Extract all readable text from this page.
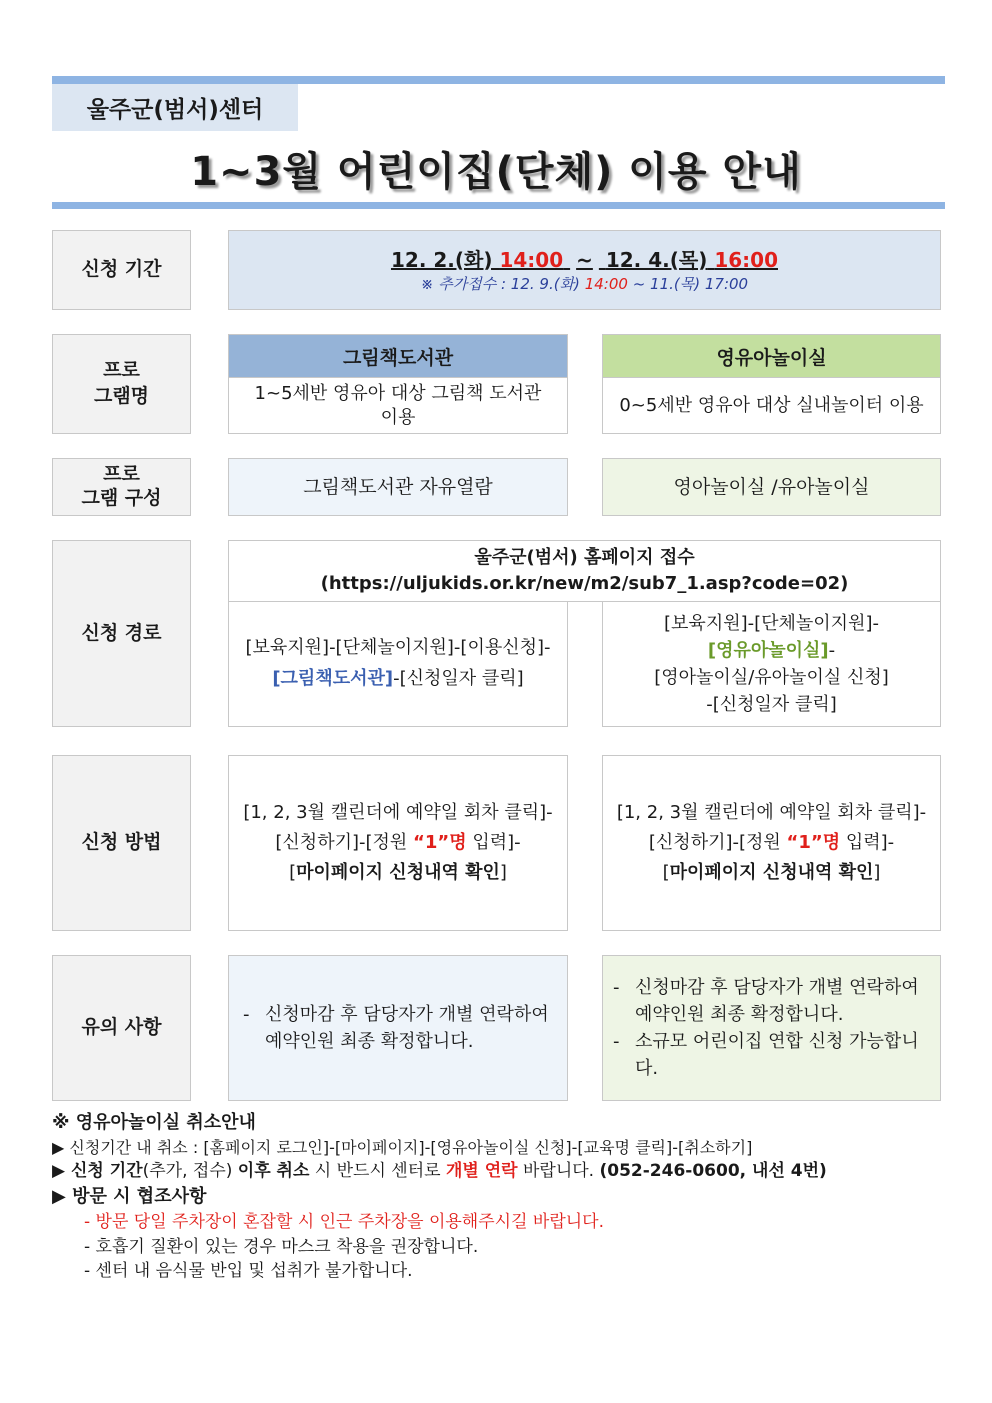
울주군(범서)센터
1~3월 어린이집(단체) 이용 안내
신청 기간	12. 2.(화) 14:00 ~ 12. 4.(목) 16:00
※ 추가접수 : 12. 9.(화) 14:00 ~ 11.(목) 17:00
프로
그램명
그림책도서관
1~5세반 영유아 대상 그림책 도서관 이용
영유아놀이실
0~5세반 영유아 대상 실내놀이터 이용
프로
그램 구성
그림책도서관 자유열람	영아놀이실 /유아놀이실
신청 경로
울주군(범서) 홈페이지 접수
(https://uljukids.or.kr/new/m2/sub7_1.asp?code=02)
[보육지원]-[단체놀이지원]-[이용신청]-
[그림책도서관]-[신청일자 클릭]
[보육지원]-[단체놀이지원]-
[영유아놀이실]-
[영아놀이실/유아놀이실 신청]
-[신청일자 클릭]
신청 방법
[1, 2, 3월 캘린더에 예약일 회차 클릭]-
[신청하기]-[정원 “1”명 입력]-
[마이페이지 신청내역 확인]
[1, 2, 3월 캘린더에 예약일 회차 클릭]-
[신청하기]-[정원 “1”명 입력]-
[마이페이지 신청내역 확인]
유의 사항
- 신청마감 후 담당자가 개별 연락하여 예약인원 최종 확정합니다.
- 신청마감 후 담당자가 개별 연락하여 예약인원 최종 확정합니다.
- 소규모 어린이집 연합 신청 가능합니다.
※ 영유아놀이실 취소안내
▶ 신청기간 내 취소 : [홈페이지 로그인]-[마이페이지]-[영유아놀이실 신청]-[교육명 클릭]-[취소하기]
▶ 신청 기간(추가, 접수) 이후 취소 시 반드시 센터로 개별 연락 바랍니다. (052-246-0600, 내선 4번)
▶ 방문 시 협조사항
- 방문 당일 주차장이 혼잡할 시 인근 주차장을 이용해주시길 바랍니다.
- 호흡기 질환이 있는 경우 마스크 착용을 권장합니다.
- 센터 내 음식물 반입 및 섭취가 불가합니다.
